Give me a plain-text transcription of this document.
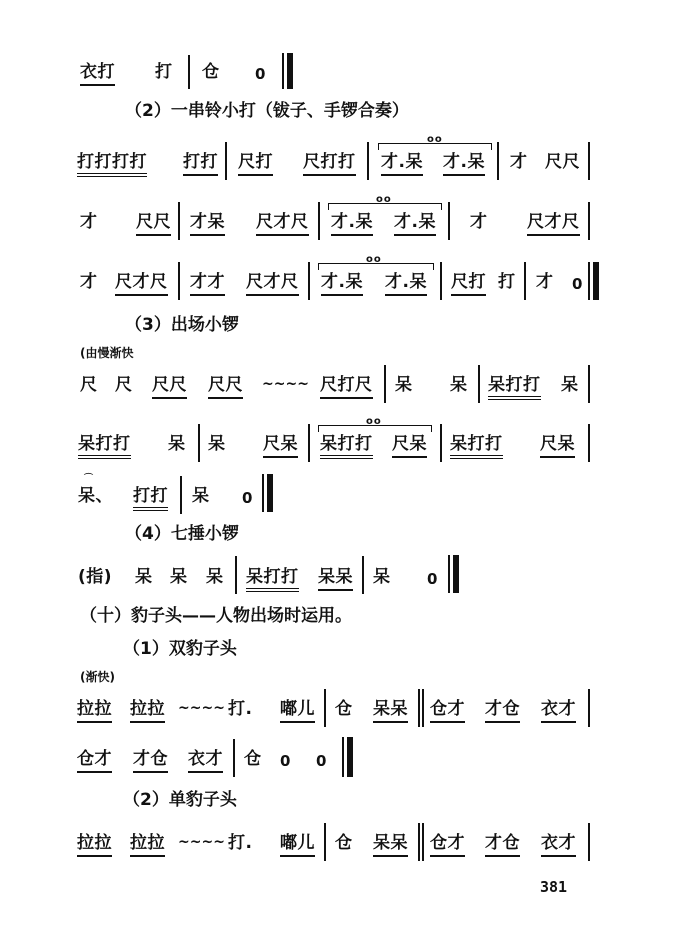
衣打 打 仓 0
（2）一串铃小打（钹子、手锣合奏）
打打打打 打打 尺打 尺打打
oo
才.呆 才.呆 才 尺尺
才 尺尺 才呆 尺才尺
oo
才.呆 才.呆 才 尺才尺
才 尺才尺 才才 尺才尺
oo
才.呆 才.呆 尺打 打 才 0
（3）出场小锣
(由慢渐快
尺 尺 尺尺 尺尺 ~~~~ 尺打尺 呆 呆 呆打打 呆
呆打打 呆 呆 尺呆
oo
呆打打 尺呆 呆打打 尺呆
⌒
呆、 打打 呆 0
（4）七捶小锣
(指) 呆 呆 呆 呆打打 呆呆 呆 0
（十）豹子头——人物出场时运用。
（1）双豹子头
(渐快)
拉拉 拉拉 ~~~~ 打. 嘟儿 仓 呆呆 仓才 才仓 衣才
仓才 才仓 衣才 仓 0 0
（2）单豹子头
拉拉 拉拉 ~~~~ 打. 嘟儿 仓 呆呆 仓才 才仓 衣才
381
